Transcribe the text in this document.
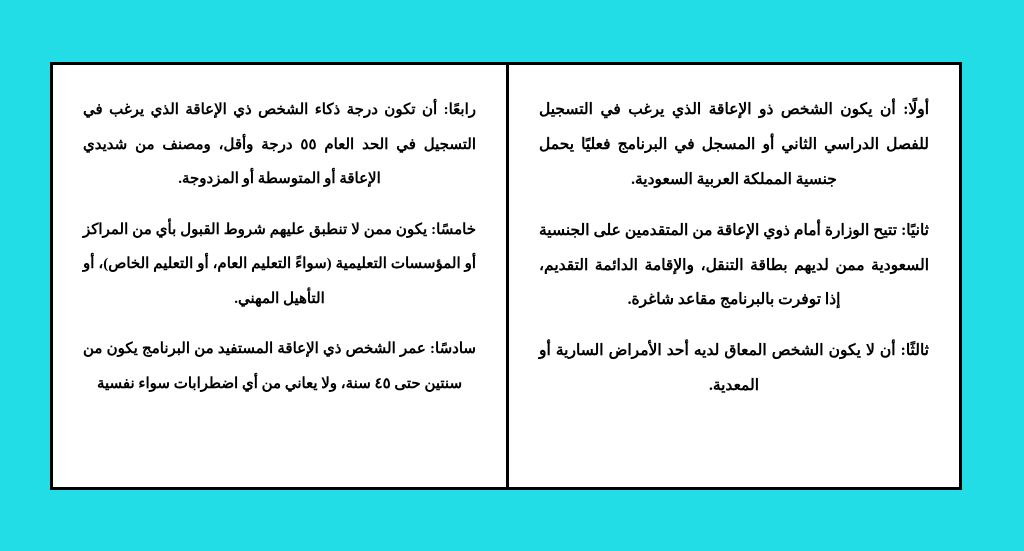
أولًا: أن يكون الشخص ذو الإعاقة الذي يرغب في التسجيل للفصل الدراسي الثاني أو المسجل في البرنامج فعليًا يحمل جنسية المملكة العربية السعودية.

ثانيًا: تتيح الوزارة أمام ذوي الإعاقة من المتقدمين على الجنسية السعودية ممن لديهم بطاقة التنقل، والإقامة الدائمة التقديم، إذا توفرت بالبرنامج مقاعد شاغرة.

ثالثًا: أن لا يكون الشخص المعاق لديه أحد الأمراض السارية أو المعدية.

رابعًا: أن تكون درجة ذكاء الشخص ذي الإعاقة الذي يرغب في التسجيل في الحد العام ٥٥ درجة وأقل، ومصنف من شديدي الإعاقة أو المتوسطة أو المزدوجة.

خامسًا: يكون ممن لا تنطبق عليهم شروط القبول بأي من المراكز أو المؤسسات التعليمية (سواءً التعليم العام، أو التعليم الخاص)، أو التأهيل المهني.

سادسًا: عمر الشخص ذي الإعاقة المستفيد من البرنامج يكون من سنتين حتى ٤٥ سنة، ولا يعاني من أي اضطرابات سواء نفسية
